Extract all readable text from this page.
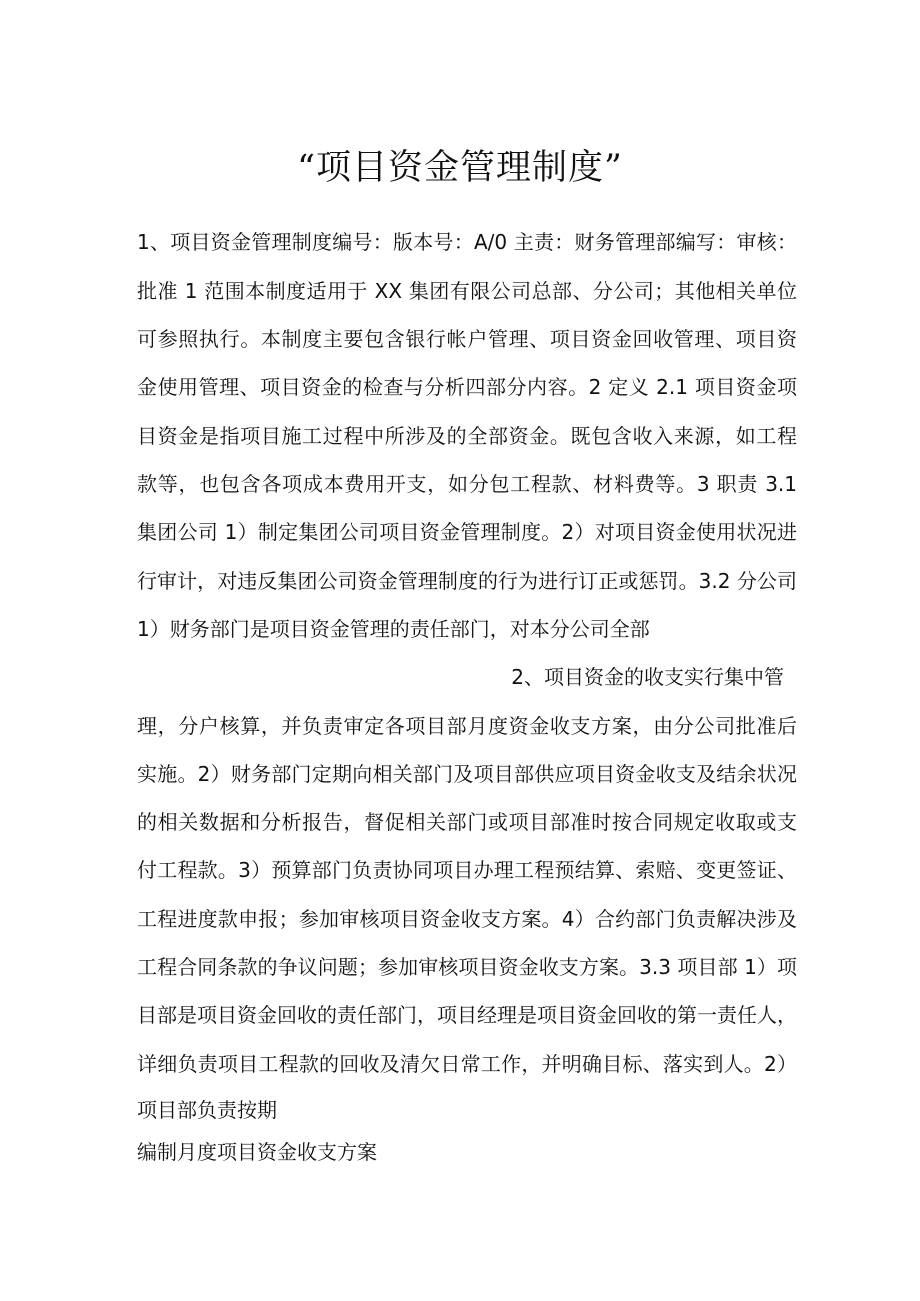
“项目资金管理制度”
1、项目资金管理制度编号：版本号：A/0 主责：财务管理部编写：审核：
批准 1 范围本制度适用于 XX 集团有限公司总部、分公司；其他相关单位
可参照执行。本制度主要包含银行帐户管理、项目资金回收管理、项目资
金使用管理、项目资金的检查与分析四部分内容。2 定义 2.1 项目资金项
目资金是指项目施工过程中所涉及的全部资金。既包含收入来源，如工程
款等，也包含各项成本费用开支，如分包工程款、材料费等。3 职责 3.1
集团公司 1）制定集团公司项目资金管理制度。2）对项目资金使用状况进
行审计，对违反集团公司资金管理制度的行为进行订正或惩罚。3.2 分公司
1）财务部门是项目资金管理的责任部门，对本分公司全部
2、项目资金的收支实行集中管
理，分户核算，并负责审定各项目部月度资金收支方案，由分公司批准后
实施。2）财务部门定期向相关部门及项目部供应项目资金收支及结余状况
的相关数据和分析报告，督促相关部门或项目部准时按合同规定收取或支
付工程款。3）预算部门负责协同项目办理工程预结算、索赔、变更签证、
工程进度款申报；参加审核项目资金收支方案。4）合约部门负责解决涉及
工程合同条款的争议问题；参加审核项目资金收支方案。3.3 项目部 1）项
目部是项目资金回收的责任部门，项目经理是项目资金回收的第一责任人，
详细负责项目工程款的回收及清欠日常工作，并明确目标、落实到人。2）
项目部负责按期
编制月度项目资金收支方案
